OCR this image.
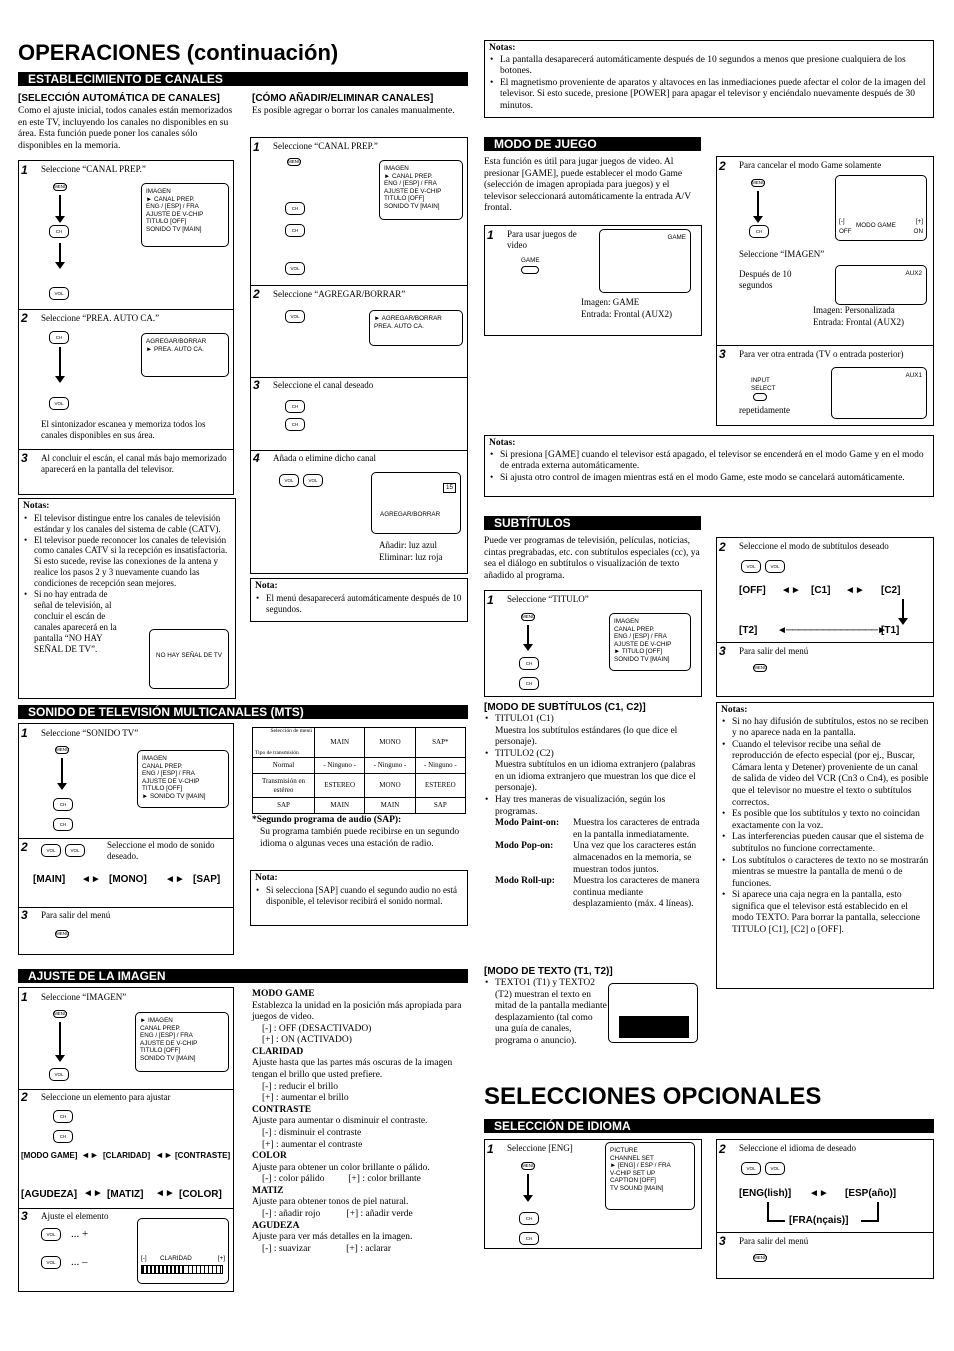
OPERACIONES (continuación)
ESTABLECIMIENTO DE CANALES
[SELECCIÓN AUTOMÁTICA DE CANALES]
Como el ajuste inicial, todos canales están memorizados en este TV, incluyendo los canales no disponibles en su área. Esta función puede poner los canales sólo disponibles en la memoria.
[CÓMO AÑADIR/ELIMINAR CANALES]
Es posible agregar o borrar los canales manualmente.
1 Seleccione “CANAL PREP.”
MENU
CH
VOL
IMAGEN
► CANAL PREP.
ENG / [ESP] / FRA
AJUSTE DE V-CHIP
TITULO [OFF]
SONIDO TV [MAIN]
2 Seleccione “PREA. AUTO CA.”
CH
VOL
AGREGAR/BORRAR
► PREA. AUTO CA.
El sintonizador escanea y memoriza todos los canales disponibles en sus área.
3 Al concluir el escán, el canal más bajo memorizado aparecerá en la pantalla del televisor.
1 Seleccione “CANAL PREP.”
MENU
CH
CH
VOL
IMAGEN
► CANAL PREP.
ENG / [ESP] / FRA
AJUSTE DE V-CHIP
TITULO [OFF]
SONIDO TV [MAIN]
2 Seleccione “AGREGAR/BORRAR”
VOL	► AGREGAR/BORRAR
PREA. AUTO CA.
3 Seleccione el canal deseado
CH
CH
4 Añada o elimine dicho canal
VOL	VOL
15
AGREGAR/BORRAR
Añadir: luz azul
Eliminar: luz roja
Notas:
• El televisor distingue entre los canales de televisión estándar y los canales del sistema de cable (CATV).
• El televisor puede reconocer los canales de televisión como canales CATV si la recepción es insatisfactoria. Si esto sucede, revise las conexiones de la antena y realice los pasos 2 y 3 nuevamente cuando las condiciones de recepción sean mejores.
• Si no hay entrada de señal de televisión, al concluir el escán de canales aparecerá en la pantalla “NO HAY SEÑAL DE TV”.
NO HAY SEÑAL DE TV
Nota:
• El menú desaparecerá automáticamente después de 10 segundos.
SONIDO DE TELEVISIÓN MULTICANALES (MTS)
1 Seleccione “SONIDO TV”
MENU
CH
CH
IMAGEN
CANAL PREP.
ENG / [ESP] / FRA
AJUSTE DE V-CHIP
TITULO [OFF]
► SONIDO TV [MAIN]
2	VOL	VOL
Seleccione el modo de sonido deseado.
[MAIN]	[MONO]	[SAP]
◄►	◄►
3 Para salir del menú
MENU
Selección de menú
Tipo de transmisión	MAIN	MONO	SAP*
Normal	- Ninguno -	- Ninguno -	- Ninguno -
Transmisión en estéreo	ESTEREO	MONO	ESTEREO
SAP	MAIN	MAIN	SAP
*Segundo programa de audio (SAP):
Su programa también puede recibirse en un segundo idioma o algunas veces una estación de radio.
Nota:
• Si selecciona [SAP] cuando el segundo audio no está disponible, el televisor recibirá el sonido normal.
AJUSTE DE LA IMAGEN
1 Seleccione “IMAGEN”
MENU
VOL
► IMAGEN
CANAL PREP.
ENG / [ESP] / FRA
AJUSTE DE V-CHIP
TITULO [OFF]
SONIDO TV [MAIN]
2 Seleccione un elemento para ajustar
CH
CH
[MODO GAME]	[CLARIDAD]	[CONTRASTE]
◄►	◄►
[AGUDEZA]	[MATIZ]	[COLOR]
◄►	◄►
3 Ajuste el elemento
VOL	... +
VOL	... –	[-] CLARIDAD	[+]
MODO GAME
Establezca la unidad en la posición más apropiada para juegos de video.
[-] : OFF (DESACTIVADO)
[+] : ON (ACTIVADO)
CLARIDAD
Ajuste hasta que las partes más oscuras de la imagen tengan el brillo que usted prefiere.
[-] : reducir el brillo
[+] : aumentar el brillo
CONTRASTE
Ajuste para aumentar o disminuir el contraste.
[-] : disminuir el contraste
[+] : aumentar el contraste
COLOR
Ajuste para obtener un color brillante o pálido.
[-] : color pálido          [+] : color brillante
MATIZ
Ajuste para obtener tonos de piel natural.
[-] : añadir rojo           [+] : añadir verde
AGUDEZA
Ajuste para ver más detalles en la imagen.
[-] : suavizar               [+] : aclarar
Notas:
• La pantalla desaparecerá automáticamente después de 10 segundos a menos que presione cualquiera de los botones.
• El magnetismo proveniente de aparatos y altavoces en las inmediaciones puede afectar el color de la imagen del televisor. Si esto sucede, presione [POWER] para apagar el televisor y enciéndalo nuevamente después de 30 minutos.
MODO DE JUEGO
Esta función es útil para jugar juegos de video. Al presionar [GAME], puede establecer el modo Game (selección de imagen apropiada para juegos) y el televisor seleccionará automáticamente la entrada A/V frontal.
1 Para usar juegos de video
GAME
GAME
Imagen: GAME
Entrada: Frontal (AUX2)
2 Para cancelar el modo Game solamente
MENU
CH
[-]
MODO GAME
[+]
OFF	ON
Seleccione “IMAGEN”
Después de 10 segundos
AUX2
Imagen: Personalizada
Entrada: Frontal (AUX2)
3 Para ver otra entrada (TV o entrada posterior)
INPUT SELECT
repetidamente
AUX1
Notas:
• Si presiona [GAME] cuando el televisor está apagado, el televisor se encenderá en el modo Game y en el modo de entrada externa automáticamente.
• Si ajusta otro control de imagen mientras está en el modo Game, este modo se cancelará automáticamente.
SUBTÍTULOS
Puede ver programas de televisión, películas, noticias, cintas pregrabadas, etc. con subtítulos especiales (cc), ya sea el diálogo en subtítulos o visualización de texto añadido al programa.
1 Seleccione “TITULO”
MENU
CH
CH
IMAGEN
CANAL PREP.
ENG / [ESP] / FRA
AJUSTE DE V-CHIP
► TITULO [OFF]
SONIDO TV [MAIN]
2 Seleccione el modo de subtítulos deseado
VOL	VOL
[OFF] ◄► [C1] ◄► [C2]
[T2] ◄───────────────►
[T1]
3 Para salir del menú
MENU
[MODO DE SUBTÍTULOS (C1, C2)]
• TITULO1 (C1)
Muestra los subtítulos estándares (lo que dice el personaje).
• TITULO2 (C2)
Muestra subtítulos en un idioma extranjero (palabras en un idioma extranjero que muestran los que dice el personaje).
• Hay tres maneras de visualización, según los programas.
Modo Paint-on:	Muestra los caracteres de entrada en la pantalla inmediatamente.
Modo Pop-on:	Una vez que los caracteres están almacenados en la memoria, se muestran todos juntos.
Modo Roll-up:	Muestra los caracteres de manera continua mediante desplazamiento (máx. 4 líneas).
[MODO DE TEXTO (T1, T2)]
• TEXTO1 (T1) y TEXTO2 (T2) muestran el texto en mitad de la pantalla mediante desplazamiento (tal como una guía de canales, programa o anuncio).
Notas:
• Si no hay difusión de subtítulos, estos no se reciben y no aparece nada en la pantalla.
• Cuando el televisor recibe una señal de reproducción de efecto especial (por ej., Buscar, Cámara lenta y Detener) proveniente de un canal de salida de video del VCR (Cn3 o Cn4), es posible que el televisor no muestre el texto o subtítulos correctos.
• Es posible que los subtítulos y texto no coincidan exactamente con la voz.
• Las interferencias pueden causar que el sistema de subtítulos no funcione correctamente.
• Los subtítulos o caracteres de texto no se mostrarán mientras se muestre la pantalla de menú o de funciones.
• Si aparece una caja negra en la pantalla, esto significa que el televisor está establecido en el modo TEXTO. Para borrar la pantalla, seleccione TITULO [C1], [C2] o [OFF].
SELECCIONES OPCIONALES
SELECCIÓN DE IDIOMA
1 Seleccione [ENG]
MENU
CH
CH
PICTURE
CHANNEL SET
► [ENG] / ESP / FRA
V-CHIP SET UP
CAPTION [OFF]
TV SOUND [MAIN]
2 Seleccione el idioma de deseado
VOL	VOL
[ENG(lish)] ◄► [ESP(año)]
[FRA(nçais)]
3 Para salir del menú
MENU
